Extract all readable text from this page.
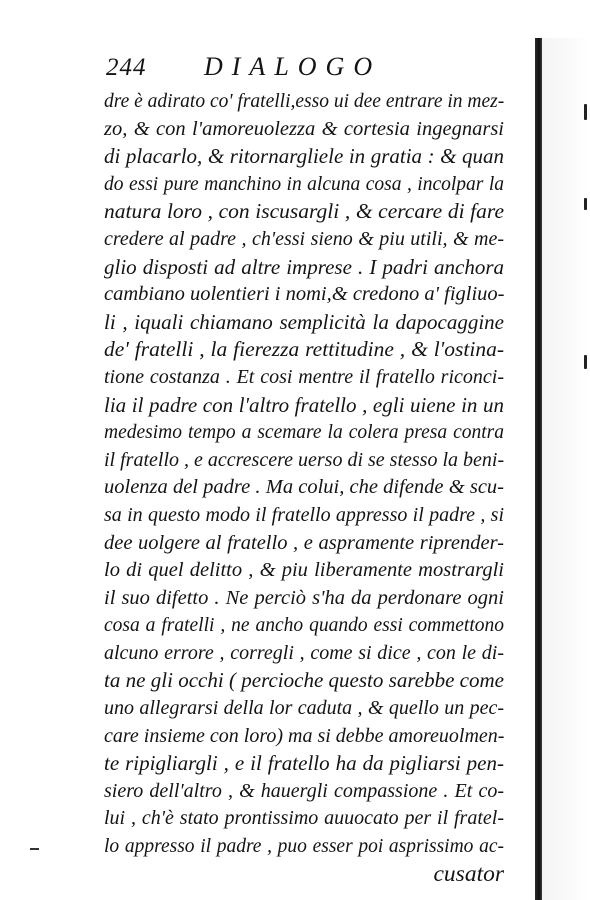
244 DIALOGO
dre è adirato co' fratelli,esso ui dee entrare in mez-
zo, & con l'amoreuolezza & cortesia ingegnarsi
di placarlo, & ritornargliele in gratia : & quan
do essi pure manchino in alcuna cosa , incolpar la
natura loro , con iscusargli , & cercare di fare
credere al padre , ch'essi sieno & piu utili, & me-
glio disposti ad altre imprese . I padri anchora
cambiano uolentieri i nomi,& credono a' figliuo-
li , iquali chiamano semplicità la dapocaggine
de' fratelli , la fierezza rettitudine , & l'ostina-
tione costanza . Et cosi mentre il fratello riconci-
lia il padre con l'altro fratello , egli uiene in un
medesimo tempo a scemare la colera presa contra
il fratello , e accrescere uerso di se stesso la beni-
uolenza del padre . Ma colui, che difende & scu-
sa in questo modo il fratello appresso il padre , si
dee uolgere al fratello , e aspramente riprender-
lo di quel delitto , & piu liberamente mostrargli
il suo difetto . Ne perciò s'ha da perdonare ogni
cosa a fratelli , ne ancho quando essi commettono
alcuno errore , corregli , come si dice , con le di-
ta ne gli occhi ( percioche questo sarebbe come
uno allegrarsi della lor caduta , & quello un pec-
care insieme con loro) ma si debbe amoreuolmen-
te ripigliargli , e il fratello ha da pigliarsi pen-
siero dell'altro , & hauergli compassione . Et co-
lui , ch'è stato prontissimo auuocato per il fratel-
lo appresso il padre , puo esser poi asprissimo ac-
cusator
